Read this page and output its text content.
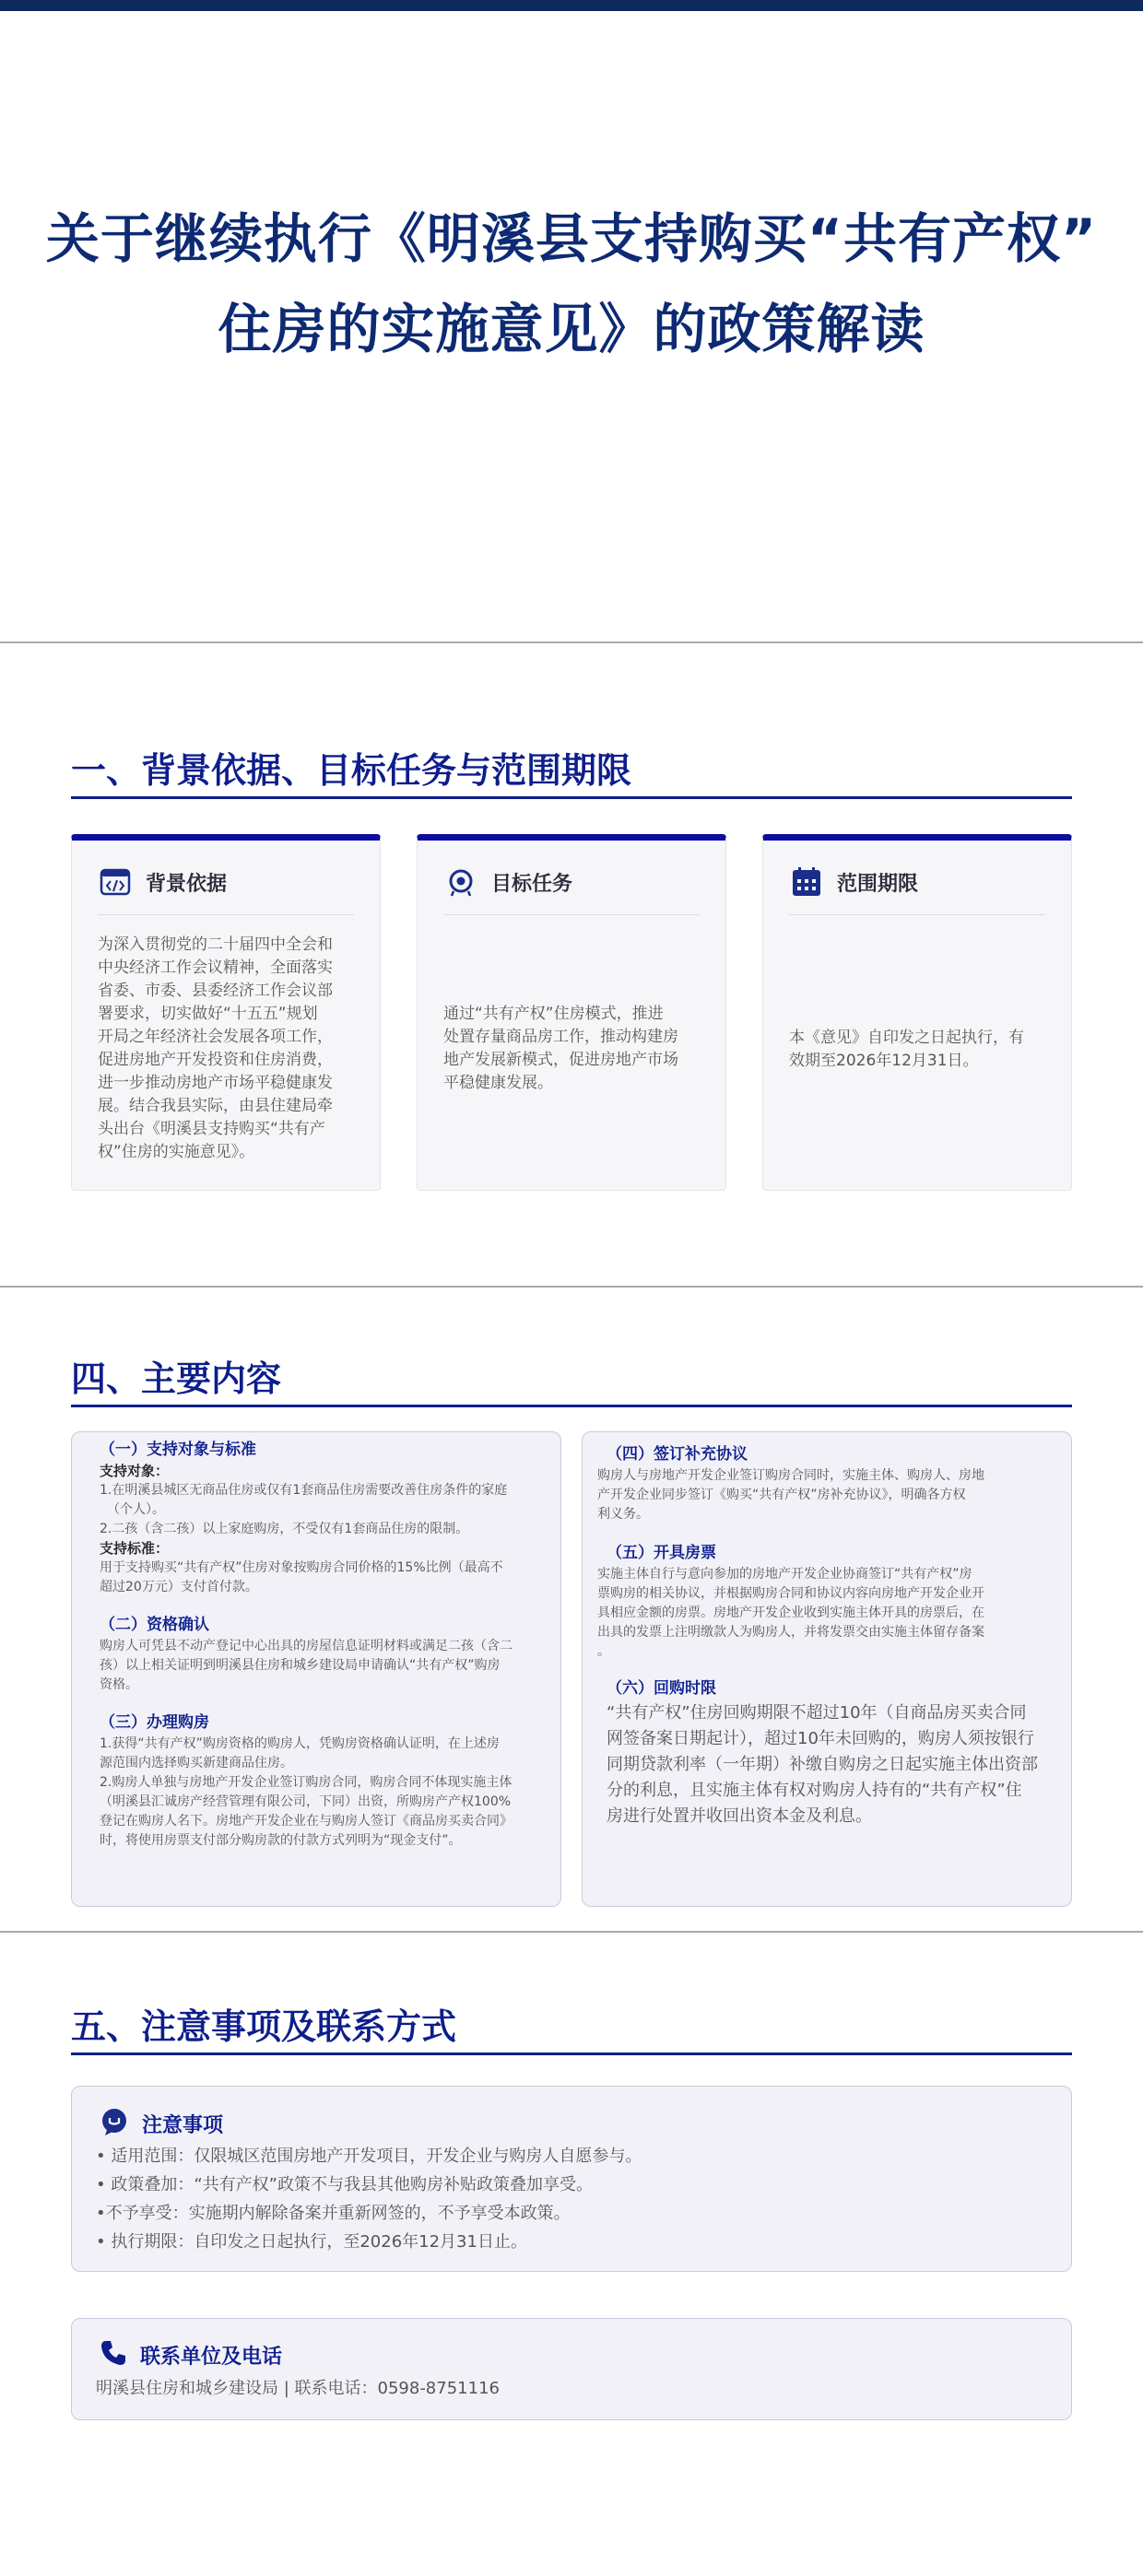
关于继续执行《明溪县支持购买“共有产权”
住房的实施意见》的政策解读
一、背景依据、目标任务与范围期限
背景依据
为深入贯彻党的二十届四中全会和
中央经济工作会议精神，全面落实
省委、市委、县委经济工作会议部
署要求，切实做好“十五五”规划
开局之年经济社会发展各项工作，
促进房地产开发投资和住房消费，
进一步推动房地产市场平稳健康发
展。结合我县实际，由县住建局牵
头出台《明溪县支持购买“共有产
权”住房的实施意见》。
目标任务
通过“共有产权”住房模式，推进
处置存量商品房工作，推动构建房
地产发展新模式，促进房地产市场
平稳健康发展。
范围期限
本《意见》自印发之日起执行，有
效期至2026年12月31日。
四、主要内容
（一）支持对象与标准
支持对象：
1.在明溪县城区无商品住房或仅有1套商品住房需要改善住房条件的家庭
（个人）。
2.二孩（含二孩）以上家庭购房，不受仅有1套商品住房的限制。
支持标准：
用于支持购买“共有产权”住房对象按购房合同价格的15%比例（最高不
超过20万元）支付首付款。
（二）资格确认
购房人可凭县不动产登记中心出具的房屋信息证明材料或满足二孩（含二
孩）以上相关证明到明溪县住房和城乡建设局申请确认“共有产权”购房
资格。
（三）办理购房
1.获得“共有产权”购房资格的购房人，凭购房资格确认证明，在上述房
源范围内选择购买新建商品住房。
2.购房人单独与房地产开发企业签订购房合同，购房合同不体现实施主体
（明溪县汇诚房产经营管理有限公司，下同）出资，所购房产产权100%
登记在购房人名下。房地产开发企业在与购房人签订《商品房买卖合同》
时，将使用房票支付部分购房款的付款方式列明为“现金支付”。
（四）签订补充协议
购房人与房地产开发企业签订购房合同时，实施主体、购房人、房地
产开发企业同步签订《购买“共有产权”房补充协议》，明确各方权
利义务。
（五）开具房票
实施主体自行与意向参加的房地产开发企业协商签订“共有产权”房
票购房的相关协议，并根据购房合同和协议内容向房地产开发企业开
具相应金额的房票。房地产开发企业收到实施主体开具的房票后，在
出具的发票上注明缴款人为购房人，并将发票交由实施主体留存备案
。
（六）回购时限
“共有产权”住房回购期限不超过10年（自商品房买卖合同
网签备案日期起计），超过10年未回购的，购房人须按银行
同期贷款利率（一年期）补缴自购房之日起实施主体出资部
分的利息，且实施主体有权对购房人持有的“共有产权”住
房进行处置并收回出资本金及利息。
五、注意事项及联系方式
注意事项
• 适用范围：仅限城区范围房地产开发项目，开发企业与购房人自愿参与。
• 政策叠加：“共有产权”政策不与我县其他购房补贴政策叠加享受。
•不予享受：实施期内解除备案并重新网签的，不予享受本政策。
• 执行期限：自印发之日起执行，至2026年12月31日止。
联系单位及电话
明溪县住房和城乡建设局 | 联系电话：0598-8751116
